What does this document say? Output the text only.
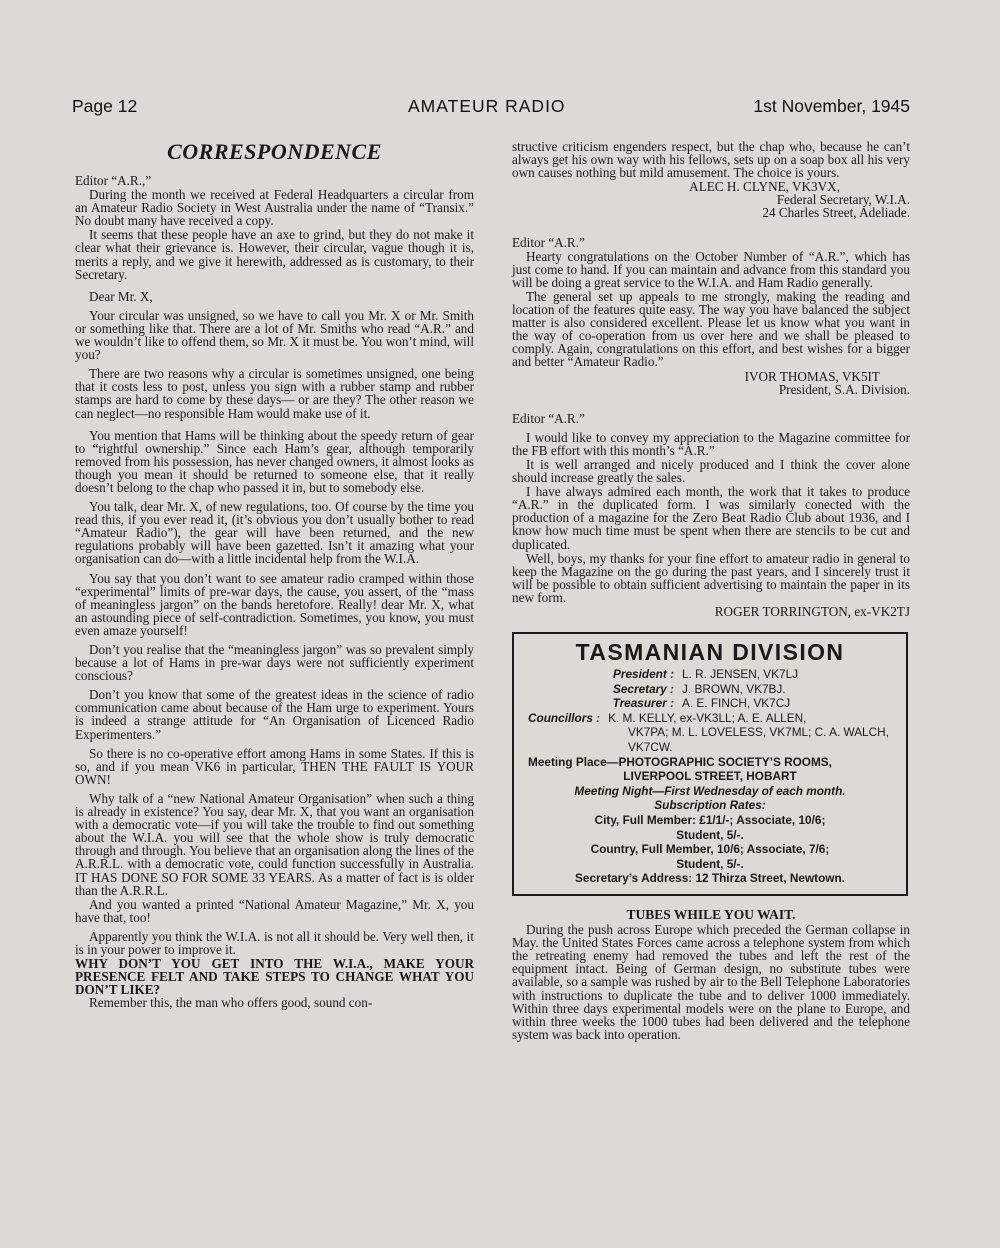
Page 12	AMATEUR RADIO	1st November, 1945
CORRESPONDENCE

Editor “A.R.,”

During the month we received at Federal Headquarters a circular from an Amateur Radio Society in West Australia under the name of “Transix.” No doubt many have received a copy.

It seems that these people have an axe to grind, but they do not make it clear what their grievance is. However, their circular, vague though it is, merits a reply, and we give it herewith, addressed as is customary, to their Secretary.

Dear Mr. X,

Your circular was unsigned, so we have to call you Mr. X or Mr. Smith or something like that. There are a lot of Mr. Smiths who read “A.R.” and we wouldn’t like to offend them, so Mr. X it must be. You won’t mind, will you?

There are two reasons why a circular is sometimes unsigned, one being that it costs less to post, unless you sign with a rubber stamp and rubber stamps are hard to come by these days— or are they? The other reason we can neglect—no responsible Ham would make use of it.

You mention that Hams will be thinking about the speedy return of gear to “rightful ownership.” Since each Ham’s gear, although temporarily removed from his possession, has never changed owners, it almost looks as though you mean it should be returned to someone else, that it really doesn’t belong to the chap who passed it in, but to somebody else.

You talk, dear Mr. X, of new regulations, too. Of course by the time you read this, if you ever read it, (it’s obvious you don’t usually bother to read “Amateur Radio”), the gear will have been returned, and the new regulations probably will have been gazetted. Isn’t it amazing what your organisation can do—with a little incidental help from the W.I.A.

You say that you don’t want to see amateur radio cramped within those “experimental” limits of pre-war days, the cause, you assert, of the “mass of meaningless jargon” on the bands heretofore. Really! dear Mr. X, what an astounding piece of self-contradiction. Sometimes, you know, you must even amaze yourself!

Don’t you realise that the “meaningless jargon” was so prevalent simply because a lot of Hams in pre-war days were not sufficiently experiment conscious?

Don’t you know that some of the greatest ideas in the science of radio communication came about because of the Ham urge to experiment. Yours is indeed a strange attitude for “An Organisation of Licenced Radio Experimenters.”

So there is no co-operative effort among Hams in some States. If this is so, and if you mean VK6 in particular, THEN THE FAULT IS YOUR OWN!

Why talk of a “new National Amateur Organisation” when such a thing is already in existence? You say, dear Mr. X, that you want an organisation with a democratic vote—if you will take the trouble to find out something about the W.I.A. you will see that the whole show is truly democratic through and through. You believe that an organisation along the lines of the A.R.R.L. with a democratic vote, could function successfully in Australia. IT HAS DONE SO FOR SOME 33 YEARS. As a matter of fact is is older than the A.R.R.L.

And you wanted a printed “National Amateur Magazine,” Mr. X, you have that, too!

Apparently you think the W.I.A. is not all it should be. Very well then, it is in your power to improve it.

WHY DON’T YOU GET INTO THE W.I.A., MAKE YOUR PRESENCE FELT AND TAKE STEPS TO CHANGE WHAT YOU DON’T LIKE?

Remember this, the man who offers good, sound con-

structive criticism engenders respect, but the chap who, because he can’t always get his own way with his fellows, sets up on a soap box all his very own causes nothing but mild amusement. The choice is yours.

ALEC H. CLYNE, VK3VX,

Federal Secretary, W.I.A.

24 Charles Street, Adeliade.

Editor “A.R.”

Hearty congratulations on the October Number of “A.R.”, which has just come to hand. If you can maintain and advance from this standard you will be doing a great service to the W.I.A. and Ham Radio generally.

The general set up appeals to me strongly, making the reading and location of the features quite easy. The way you have balanced the subject matter is also considered excellent. Please let us know what you want in the way of co-operation from us over here and we shall be pleased to comply. Again, congratulations on this effort, and best wishes for a bigger and better “Amateur Radio.”

IVOR THOMAS, VK5IT

President, S.A. Division.

Editor “A.R.”

I would like to convey my appreciation to the Magazine committee for the FB effort with this month’s “A.R.”

It is well arranged and nicely produced and I think the cover alone should increase greatly the sales.

I have always admired each month, the work that it takes to produce “A.R.” in the duplicated form. I was similarly conected with the production of a magazine for the Zero Beat Radio Club about 1936, and I know how much time must be spent when there are stencils to be cut and duplicated.

Well, boys, my thanks for your fine effort to amateur radio in general to keep the Magazine on the go during the past years, and I sincerely trust it will be possible to obtain sufficient advertising to maintain the paper in its new form.

ROGER TORRINGTON, ex-VK2TJ

TASMANIAN DIVISION
President : L. R. JENSEN, VK7LJ
Secretary : J. BROWN, VK7BJ.
Treasurer : A. E. FINCH, VK7CJ
Councillors : K. M. KELLY, ex-VK3LL; A. E. ALLEN,
VK7PA; M. L. LOVELESS, VK7ML; C. A. WALCH,
VK7CW.
Meeting Place—PHOTOGRAPHIC SOCIETY’S ROOMS,
LIVERPOOL STREET, HOBART
Meeting Night—First Wednesday of each month.
Subscription Rates:
City, Full Member: £1/1/-; Associate, 10/6;
Student, 5/-.
Country, Full Member, 10/6; Associate, 7/6;
Student, 5/-.
Secretary’s Address: 12 Thirza Street, Newtown.
TUBES WHILE YOU WAIT.

During the push across Europe which preceded the German collapse in May. the United States Forces came across a telephone system from which the retreating enemy had removed the tubes and left the rest of the equipment intact. Being of German design, no substitute tubes were available, so a sample was rushed by air to the Bell Telephone Laboratories with instructions to duplicate the tube and to deliver 1000 immediately. Within three days experimental models were on the plane to Europe, and within three weeks the 1000 tubes had been delivered and the telephone system was back into operation.
